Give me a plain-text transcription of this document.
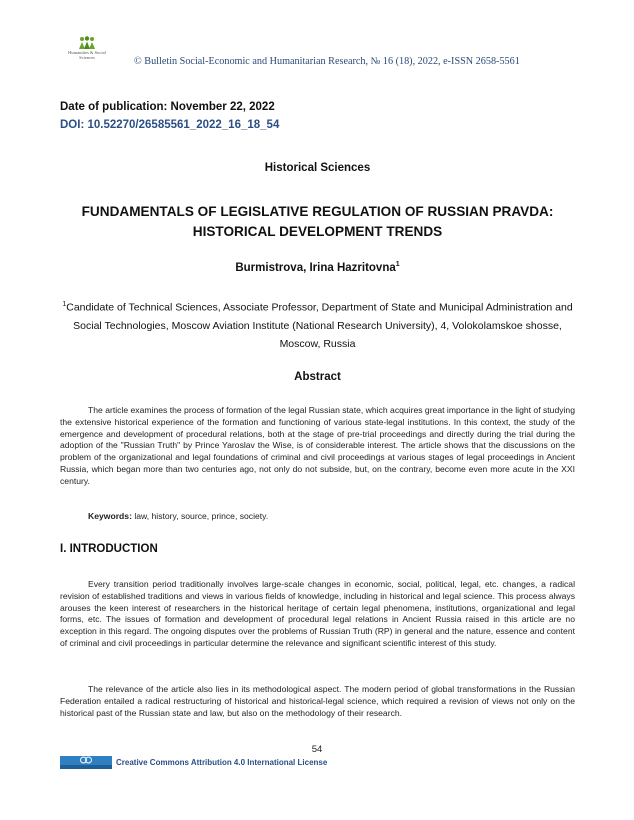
Humanities & Social Sciences	© Bulletin Social-Economic and Humanitarian Research, № 16 (18), 2022, e-ISSN 2658-5561
Date of publication: November 22, 2022
DOI: 10.52270/26585561_2022_16_18_54
Historical Sciences
FUNDAMENTALS OF LEGISLATIVE REGULATION OF RUSSIAN PRAVDA:
HISTORICAL DEVELOPMENT TRENDS
Burmistrova, Irina Hazritovna$^1$
$^1$Candidate of Technical Sciences, Associate Professor, Department of State and Municipal Administration and Social Technologies, Moscow Aviation Institute (National Research University), 4, Volokolamskoe shosse, Moscow, Russia
Abstract

The article examines the process of formation of the legal Russian state, which acquires great importance in the light of studying the extensive historical experience of the formation and functioning of various state-legal institutions. In this context, the study of the emergence and development of procedural relations, both at the stage of pre-trial proceedings and directly during the trial during the adoption of the "Russian Truth" by Prince Yaroslav the Wise, is of considerable interest. The article shows that the discussions on the problem of the organizational and legal foundations of criminal and civil proceedings at various stages of legal proceedings in Ancient Russia, which began more than two centuries ago, not only do not subside, but, on the contrary, become even more acute in the XXI century.

Keywords: law, history, source, prince, society.
I. INTRODUCTION

Every transition period traditionally involves large-scale changes in economic, social, political, legal, etc. changes, a radical revision of established traditions and views in various fields of knowledge, including in historical and legal science. This process always arouses the keen interest of researchers in the historical heritage of certain legal phenomena, institutions, organizational and legal forms, etc. The issues of formation and development of procedural legal relations in Ancient Russia raised in this article are no exception in this regard. The ongoing disputes over the problems of Russian Truth (RP) in general and the nature, essence and content of criminal and civil proceedings in particular determine the relevance and significant scientific interest of this study.

The relevance of the article also lies in its methodological aspect. The modern period of global transformations in the Russian Federation entailed a radical restructuring of historical and historical-legal science, which required a revision of views not only on the historical past of the Russian state and law, but also on the methodology of their research.

54
Creative Commons Attribution 4.0 International License
